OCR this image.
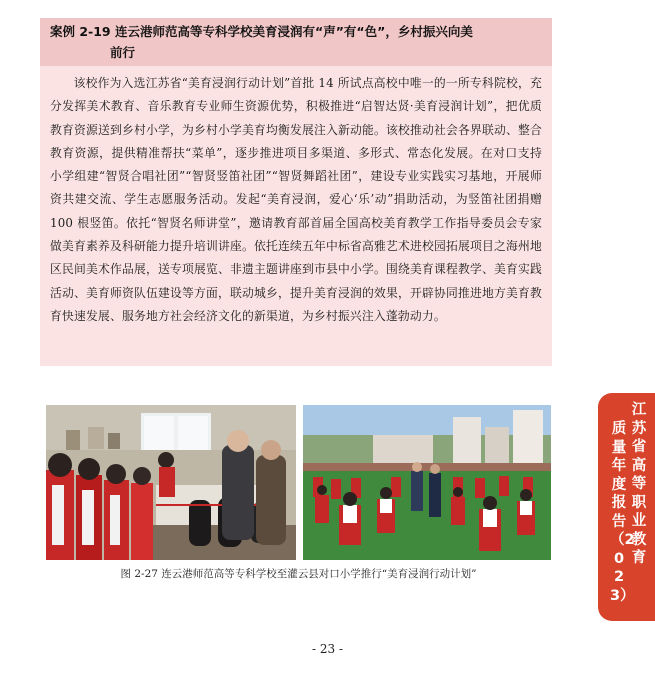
案例 2-19 连云港师范高等专科学校美育浸润有“声”有“色”，乡村振兴向美
前行
该校作为入选江苏省“美育浸润行动计划”首批 14 所试点高校中唯一的一所专科院校，充分发挥美术教育、音乐教育专业师生资源优势，积极推进“启智达贤·美育浸润计划”，把优质教育资源送到乡村小学，为乡村小学美育均衡发展注入新动能。该校推动社会各界联动、整合教育资源，提供精准帮扶“菜单”，逐步推进项目多渠道、多形式、常态化发展。在对口支持小学组建“智贤合唱社团”“智贤竖笛社团”“智贤舞蹈社团”，建设专业实践实习基地，开展师资共建交流、学生志愿服务活动。发起“美育浸润，爱心‘乐’动”捐助活动，为竖笛社团捐赠 100 根竖笛。依托“智贤名师讲堂”，邀请教育部首届全国高校美育教学工作指导委员会专家做美育素养及科研能力提升培训讲座。依托连续五年中标省高雅艺术进校园拓展项目之海州地区民间美术作品展，送专项展览、非遗主题讲座到市县中小学。围绕美育课程教学、美育实践活动、美育师资队伍建设等方面，联动城乡，提升美育浸润的效果，开辟协同推进地方美育教育快速发展、服务地方社会经济文化的新渠道，为乡村振兴注入蓬勃动力。
图 2-27 连云港师范高等专科学校至灌云县对口小学推行“美育浸润行动计划”
- 23 -
江苏省高等职业教育
质量年度报告（2023）
